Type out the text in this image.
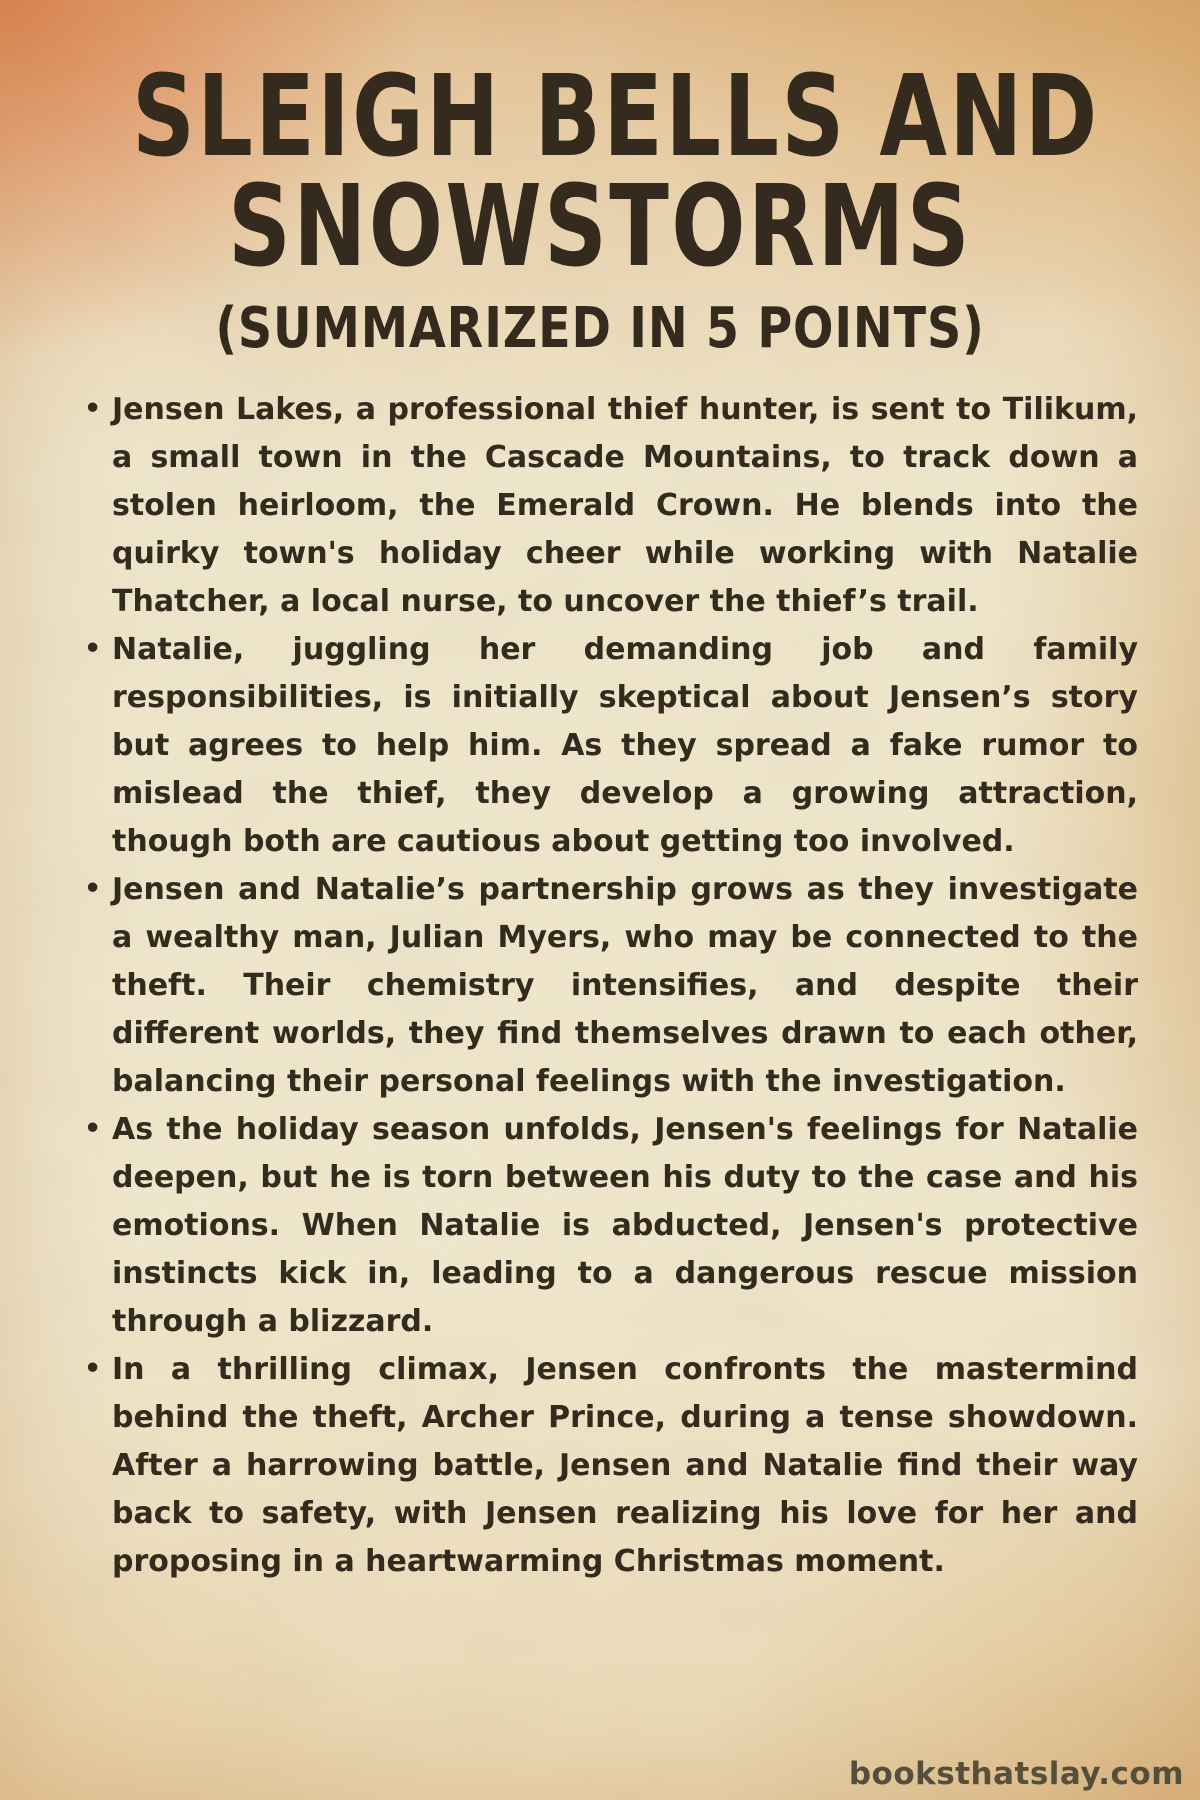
SLEIGH BELLS AND
SNOWSTORMS
(SUMMARIZED IN 5 POINTS)
• Jensen Lakes, a professional thief hunter, is sent to Tilikum, a small town in the Cascade Mountains, to track down a stolen heirloom, the Emerald Crown. He blends into the quirky town's holiday cheer while working with Natalie Thatcher, a local nurse, to uncover the thief’s trail.
• Natalie, juggling her demanding job and family responsibilities, is initially skeptical about Jensen’s story but agrees to help him. As they spread a fake rumor to mislead the thief, they develop a growing attraction, though both are cautious about getting too involved.
• Jensen and Natalie’s partnership grows as they investigate a wealthy man, Julian Myers, who may be connected to the theft. Their chemistry intensifies, and despite their different worlds, they find themselves drawn to each other, balancing their personal feelings with the investigation.
• As the holiday season unfolds, Jensen's feelings for Natalie deepen, but he is torn between his duty to the case and his emotions. When Natalie is abducted, Jensen's protective instincts kick in, leading to a dangerous rescue mission through a blizzard.
• In a thrilling climax, Jensen confronts the mastermind behind the theft, Archer Prince, during a tense showdown. After a harrowing battle, Jensen and Natalie find their way back to safety, with Jensen realizing his love for her and proposing in a heartwarming Christmas moment.
booksthatslay.com
